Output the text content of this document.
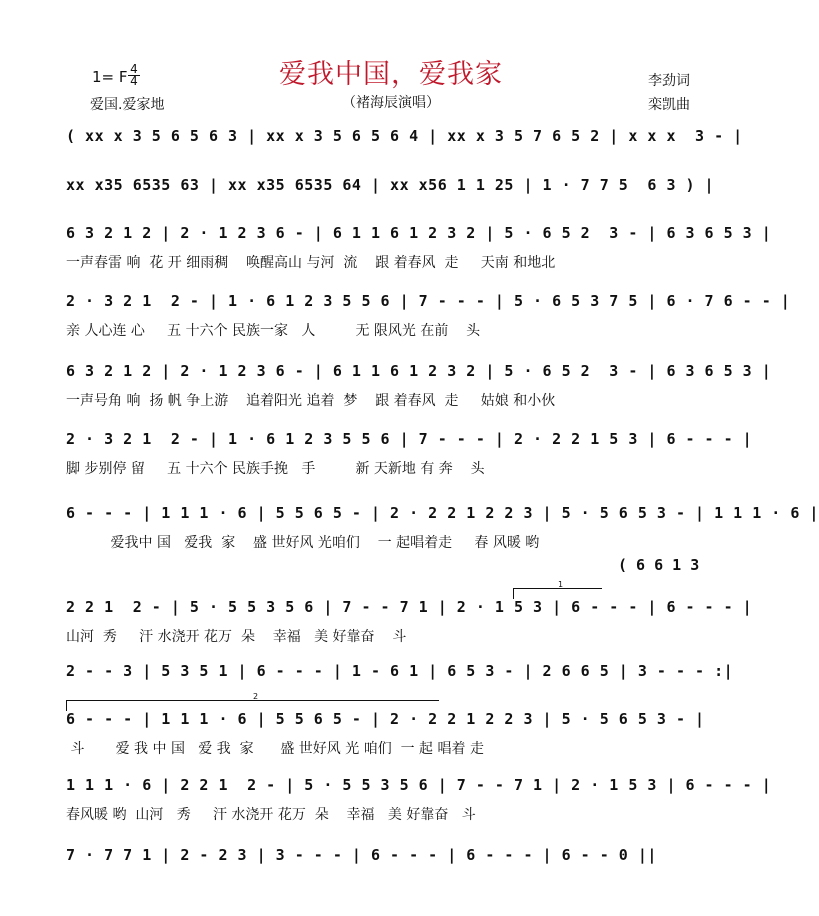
1= F 4
4	爱我中国，爱我家
（褚海辰演唱）
爱国.爱家地
李劲词
栾凯曲
( xx x 3 5 6 5 6 3 | xx x 3 5 6 5 6 4 | xx x 3 5 7 6 5 2 | x x x  3 - |
xx x35 6535 63 | xx x35 6535 64 | xx x56 1 1 25 | 1 · 7 7 5  6 3 ) |
6 3 2 1 2 | 2 · 1 2 3 6 - | 6 1 1 6 1 2 3 2 | 5 · 6 5 2  3 - | 6 3 6 5 3 |
一声春雷 响  花 开 细雨稠    唤醒高山 与河  流    跟 着春风  走     天南 和地北
2 · 3 2 1  2 - | 1 · 6 1 2 3 5 5 6 | 7 - - - | 5 · 6 5 3 7 5 | 6 · 7 6 - - |
亲 人心连 心     五 十六个 民族一家   人         无 限风光 在前    头
6 3 2 1 2 | 2 · 1 2 3 6 - | 6 1 1 6 1 2 3 2 | 5 · 6 5 2  3 - | 6 3 6 5 3 |
一声号角 响  扬 帆 争上游    追着阳光 追着  梦    跟 着春风  走     姑娘 和小伙
2 · 3 2 1  2 - | 1 · 6 1 2 3 5 5 6 | 7 - - - | 2 · 2 2 1 5 3 | 6 - - - |
脚 步别停 留     五 十六个 民族手挽   手         新 天新地 有 奔    头
6 - - - | 1 1 1 · 6 | 5 5 6 5 - | 2 · 2 2 1 2 2 3 | 5 · 5 6 5 3 - | 1 1 1 · 6 |
爱我中 国   爱我  家    盛 世好风 光咱们    一 起唱着走     春 风暖 哟
( 6 6 1 3
2 2 1  2 - | 5 · 5 5 3 5 6 | 7 - - 7 1 | 2 · 1 5 3 | 6 - - - | 6 - - - |
山河  秀     汗 水浇开 花万  朵    幸福   美 好靠奋    斗
1
2 - - 3 | 5 3 5 1 | 6 - - - | 1 - 6 1 | 6 5 3 - | 2 6 6 5 | 3 - - - :|
6 - - - | 1 1 1 · 6 | 5 5 6 5 - | 2 · 2 2 1 2 2 3 | 5 · 5 6 5 3 - |
斗       爱 我 中 国   爱 我  家      盛 世好风 光 咱们  一 起 唱着 走
2
1 1 1 · 6 | 2 2 1  2 - | 5 · 5 5 3 5 6 | 7 - - 7 1 | 2 · 1 5 3 | 6 - - - |
春风暖 哟  山河   秀     汗 水浇开 花万  朵    幸福   美 好靠奋   斗
7 · 7 7 1 | 2 - 2 3 | 3 - - - | 6 - - - | 6 - - - | 6 - - 0 ||
